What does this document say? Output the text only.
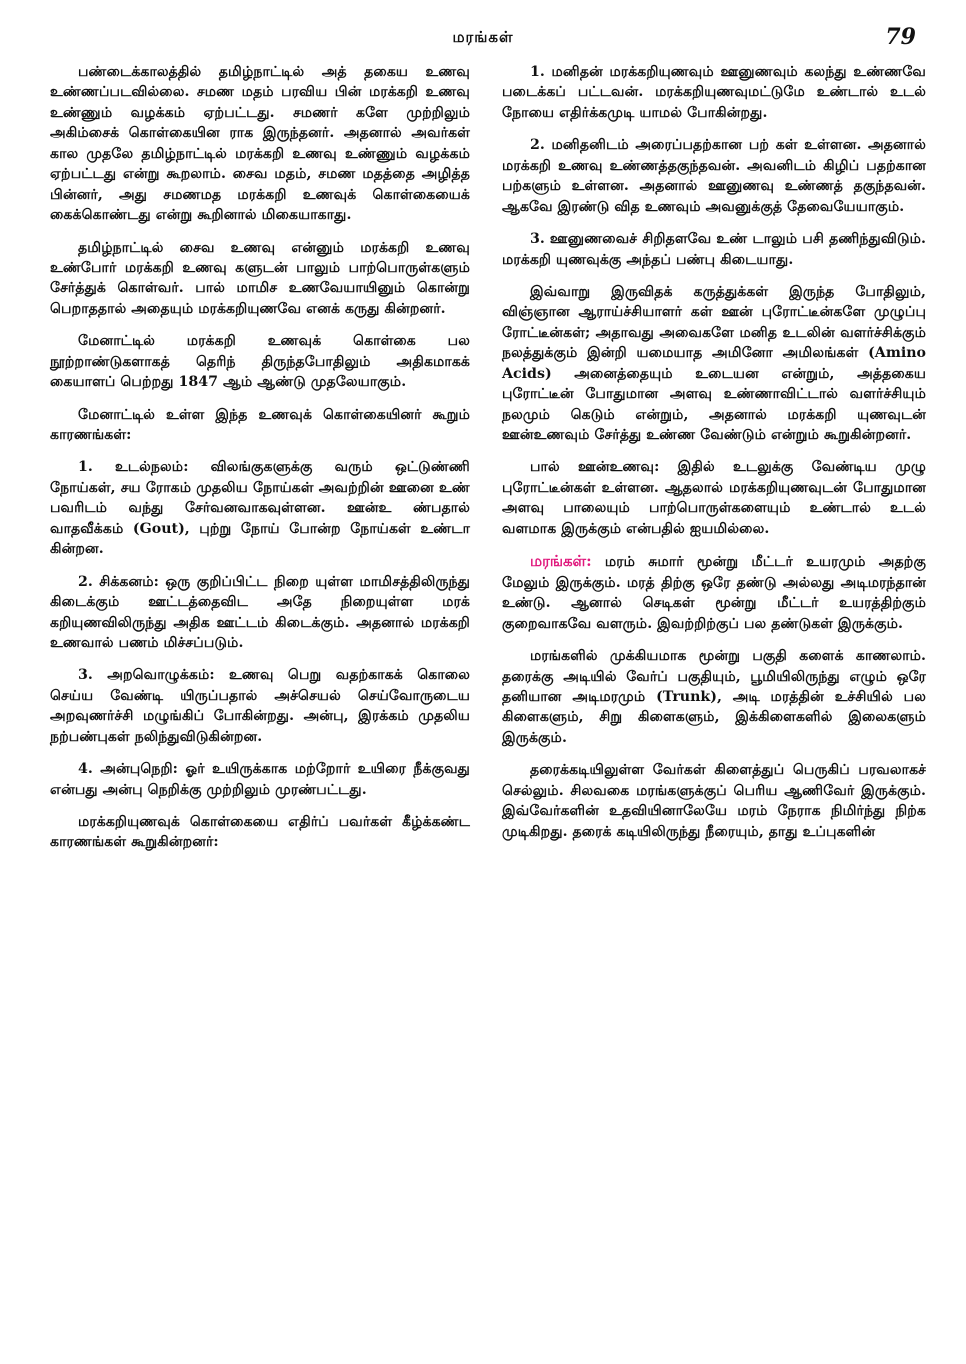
மரங்கள்	79

பண்டைக்காலத்தில் தமிழ்நாட்டில் அத் தகைய உணவு உண்ணப்படவில்லை. சமண மதம் பரவிய பின் மரக்கறி உணவு உண்ணும் வழக்கம் ஏற்பட்டது. சமணர் களே முற்றிலும் அகிம்சைக் கொள்கையின ராக இருந்தனர். அதனால் அவர்கள் கால முதலே தமிழ்நாட்டில் மரக்கறி உணவு உண்ணும் வழக்கம் ஏற்பட்டது என்று கூறலாம். சைவ மதம், சமண மதத்தை அழித்த பின்னர், அது சமணமத மரக்கறி உணவுக் கொள்கையைக் கைக்கொண்டது என்று கூறினால் மிகையாகாது.

தமிழ்நாட்டில் சைவ உணவு என்னும் மரக்கறி உணவு உண்போர் மரக்கறி உணவு களுடன் பாலும் பாற்பொருள்களும் சேர்த்துக் கொள்வர். பால் மாமிச உணவேயாயினும் கொன்று பெறாததால் அதையும் மரக்கறியுணவே எனக் கருது கின்றனர்.

மேனாட்டில் மரக்கறி உணவுக் கொள்கை பல நூற்றாண்டுகளாகத் தெரிந் திருந்தபோதிலும் அதிகமாகக் கையாளப் பெற்றது 1847 ஆம் ஆண்டு முதலேயாகும்.

மேனாட்டில் உள்ள இந்த உணவுக் கொள்கையினர் கூறும் காரணங்கள்:

1. உடல்நலம்: விலங்குகளுக்கு வரும் ஒட்டுண்ணி நோய்கள், சய ரோகம் முதலிய நோய்கள் அவற்றின் ஊனை உண் பவரிடம் வந்து சேர்வனவாகவுள்ளன. ஊன்உ ண்பதால் வாதவீக்கம் (Gout), புற்று நோய் போன்ற நோய்கள் உண்டா கின்றன.

2. சிக்கனம்: ஒரு குறிப்பிட்ட நிறை யுள்ள மாமிசத்திலிருந்து கிடைக்கும் ஊட்டத்தைவிட அதே நிறையுள்ள மரக் கறியுணவிலிருந்து அதிக ஊட்டம் கிடைக்கும். அதனால் மரக்கறி உணவால் பணம் மிச்சப்படும்.

3. அறவொழுக்கம்: உணவு பெறு வதற்காகக் கொலை செய்ய வேண்டி யிருப்பதால் அச்செயல் செய்வோருடைய அறவுணர்ச்சி மழுங்கிப் போகின்றது. அன்பு, இரக்கம் முதலிய நற்பண்புகள் நலிந்துவிடுகின்றன.

4. அன்புநெறி: ஓர் உயிருக்காக மற்றோர் உயிரை நீக்குவது என்பது அன்பு நெறிக்கு முற்றிலும் முரண்பட்டது.

மரக்கறியுணவுக் கொள்கையை எதிர்ப் பவர்கள் கீழ்க்கண்ட காரணங்கள் கூறுகின்றனர்:

1. மனிதன் மரக்கறியுணவும் ஊனுணவும் கலந்து உண்ணவே படைக்கப் பட்டவன். மரக்கறியுணவுமட்டுமே உண்டால் உடல் நோயை எதிர்க்கமுடி யாமல் போகின்றது.

2. மனிதனிடம் அரைப்பதற்கான பற் கள் உள்ளன. அதனால் மரக்கறி உணவு உண்ணத்தகுந்தவன். அவனிடம் கிழிப் பதற்கான பற்களும் உள்ளன. அதனால் ஊனுணவு உண்ணத் தகுந்தவன். ஆகவே இரண்டு வித உணவும் அவனுக்குத் தேவையேயாகும்.

3. ஊனுணவைச் சிறிதளவே உண் டாலும் பசி தணிந்துவிடும். மரக்கறி யுணவுக்கு அந்தப் பண்பு கிடையாது.

இவ்வாறு இருவிதக் கருத்துக்கள் இருந்த போதிலும், விஞ்ஞான ஆராய்ச்சியாளர் கள் ஊன் புரோட்டீன்களே முழுப்பு ரோட்டீன்கள்; அதாவது அவைகளே மனித உடலின் வளர்ச்சிக்கும் நலத்துக்கும் இன்றி யமையாத அமினோ அமிலங்கள் (Amino Acids) அனைத்தையும் உடையன என்றும், அத்தகைய புரோட்டீன் போதுமான அளவு உண்ணாவிட்டால் வளர்ச்சியும் நலமும் கெடும் என்றும், அதனால் மரக்கறி யுணவுடன் ஊன்உணவும் சேர்த்து உண்ண வேண்டும் என்றும் கூறுகின்றனர்.

பால் ஊன்உணவு: இதில் உடலுக்கு வேண்டிய முழு புரோட்டீன்கள் உள்ளன. ஆதலால் மரக்கறியுணவுடன் போதுமான அளவு பாலையும் பாற்பொருள்களையும் உண்டால் உடல் வளமாக இருக்கும் என்பதில் ஐயமில்லை.

மரங்கள்: மரம் சுமார் மூன்று மீட்டர் உயரமும் அதற்கு மேலும் இருக்கும். மரத் திற்கு ஒரே தண்டு அல்லது அடிமரந்தான் உண்டு. ஆனால் செடிகள் மூன்று மீட்டர் உயரத்திற்கும் குறைவாகவே வளரும். இவற்றிற்குப் பல தண்டுகள் இருக்கும்.

மரங்களில் முக்கியமாக மூன்று பகுதி களைக் காணலாம். தரைக்கு அடியில் வேர்ப் பகுதியும், பூமியிலிருந்து எழும் ஒரே தனியான அடிமரமும் (Trunk), அடி மரத்தின் உச்சியில் பல கிளைகளும், சிறு கிளைகளும், இக்கிளைகளில் இலைகளும் இருக்கும்.

தரைக்கடியிலுள்ள வேர்கள் கிளைத்துப் பெருகிப் பரவலாகச் செல்லும். சிலவகை மரங்களுக்குப் பெரிய ஆணிவேர் இருக்கும். இவ்வேர்களின் உதவியினாலேயே மரம் நேராக நிமிர்ந்து நிற்க முடிகிறது. தரைக் கடியிலிருந்து நீரையும், தாது உப்புகளின்
